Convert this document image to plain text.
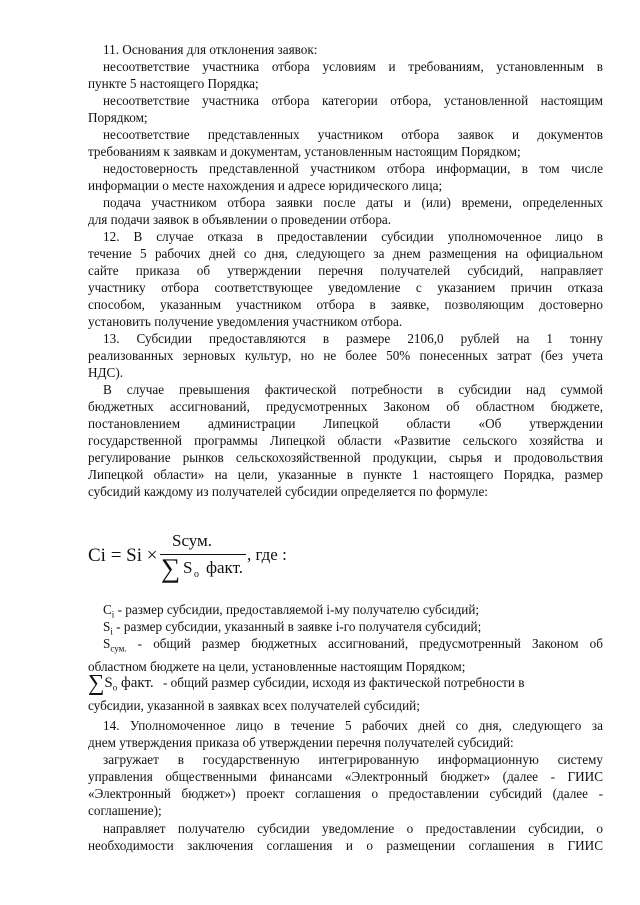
11. Основания для отклонения заявок:
несоответствие участника отбора условиям и требованиям, установленным в
пункте 5 настоящего Порядка;
несоответствие участника отбора категории отбора, установленной настоящим
Порядком;
несоответствие представленных участником отбора заявок и документов
требованиям к заявкам и документам, установленным настоящим Порядком;
недостоверность представленной участником отбора информации, в том числе
информации о месте нахождения и адресе юридического лица;
подача участником отбора заявки после даты и (или) времени, определенных
для подачи заявок в объявлении о проведении отбора.
12. В случае отказа в предоставлении субсидии уполномоченное лицо в
течение 5 рабочих дней со дня, следующего за днем размещения на официальном
сайте приказа об утверждении перечня получателей субсидий, направляет
участнику отбора соответствующее уведомление с указанием причин отказа
способом, указанным участником отбора в заявке, позволяющим достоверно
установить получение уведомления участником отбора.
13. Субсидии предоставляются в размере 2106,0 рублей на 1 тонну
реализованных зерновых культур, но не более 50% понесенных затрат (без учета
НДС).
В случае превышения фактической потребности в субсидии над суммой
бюджетных ассигнований, предусмотренных Законом об областном бюджете,
постановлением администрации Липецкой области «Об утверждении
государственной программы Липецкой области «Развитие сельского хозяйства и
регулирование рынков сельскохозяйственной продукции, сырья и продовольствия
Липецкой области» на цели, указанные в пункте 1 настоящего Порядка, размер
субсидий каждому из получателей субсидии определяется по формуле:
Ci = Si ×
Sсум.
∑ S o факт.
, где :
$C_i$ - размер субсидии, предоставляемой i-му получателю субсидий;
$S_i$ - размер субсидии, указанный в заявке i-го получателя субсидий;
$S_{сум.}$ - общий размер бюджетных ассигнований, предусмотренный Законом об
областном бюджете на цели, установленные настоящим Порядком;
$\sum S_o$ факт. - общий размер субсидии, исходя из фактической потребности в
субсидии, указанной в заявках всех получателей субсидий;
14. Уполномоченное лицо в течение 5 рабочих дней со дня, следующего за
днем утверждения приказа об утверждении перечня получателей субсидий:
загружает в государственную интегрированную информационную систему
управления общественными финансами «Электронный бюджет» (далее - ГИИС
«Электронный бюджет») проект соглашения о предоставлении субсидий (далее -
соглашение);
направляет получателю субсидии уведомление о предоставлении субсидии, о
необходимости заключения соглашения и о размещении соглашения в ГИИС
